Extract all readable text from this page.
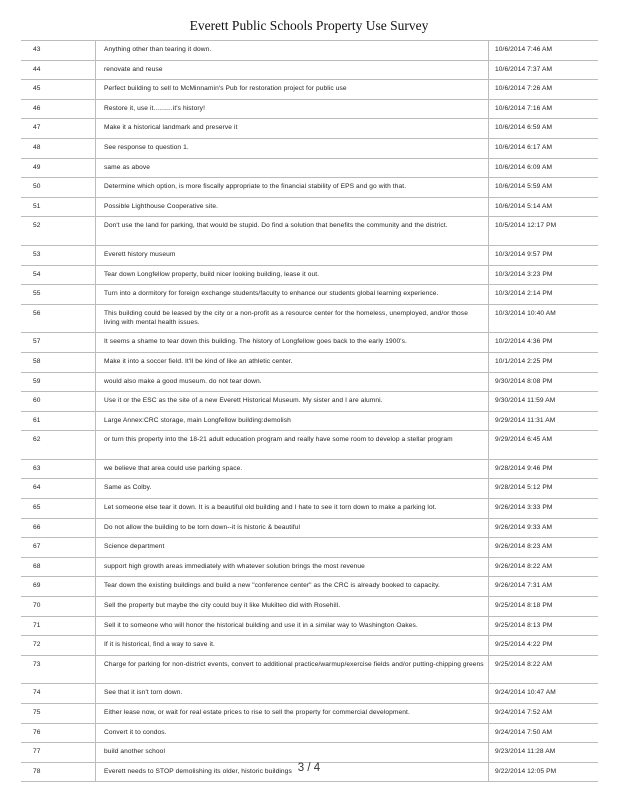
Everett Public Schools Property Use Survey
43	Anything other than tearing it down.	10/6/2014 7:46 AM
44	renovate and reuse	10/6/2014 7:37 AM
45	Perfect building to sell to McMinnamin's Pub for restoration project for public use	10/6/2014 7:26 AM
46	Restore it, use it..........it's history!	10/6/2014 7:16 AM
47	Make it a historical landmark and preserve it	10/6/2014 6:59 AM
48	See response to question 1.	10/6/2014 6:17 AM
49	same as above	10/6/2014 6:09 AM
50	Determine which option, is more fiscally appropriate to the financial stability of EPS and go with that.	10/6/2014 5:59 AM
51	Possible Lighthouse Cooperative site.	10/6/2014 5:14 AM
52	Don't use the land for parking, that would be stupid. Do find a solution that benefits the community and the district.	10/5/2014 12:17 PM
53	Everett history museum	10/3/2014 9:57 PM
54	Tear down Longfellow property, build nicer looking building, lease it out.	10/3/2014 3:23 PM
55	Turn into a dormitory for foreign exchange students/faculty to enhance our students global learning experience.	10/3/2014 2:14 PM
56	This building could be leased by the city or a non-profit as a resource center for the homeless, unemployed, and/or those living with mental health issues.	10/3/2014 10:40 AM
57	It seems a shame to tear down this building. The history of Longfellow goes back to the early 1900's.	10/2/2014 4:36 PM
58	Make it into a soccer field. It'll be kind of like an athletic center.	10/1/2014 2:25 PM
59	would also make a good museum. do not tear down.	9/30/2014 8:08 PM
60	Use it or the ESC as the site of a new Everett Historical Museum. My sister and I are alumni.	9/30/2014 11:59 AM
61	Large Annex:CRC storage, main Longfellow building:demolish	9/29/2014 11:31 AM
62	or turn this property into the 18-21 adult education program and really have some room to develop a stellar program	9/29/2014 6:45 AM
63	we believe that area could use parking space.	9/28/2014 9:46 PM
64	Same as Colby.	9/28/2014 5:12 PM
65	Let someone else tear it down. It is a beautiful old building and I hate to see it torn down to make a parking lot.	9/26/2014 3:33 PM
66	Do not allow the building to be torn down--it is historic & beautiful	9/26/2014 9:33 AM
67	Science department	9/26/2014 8:23 AM
68	support high growth areas immediately with whatever solution brings the most revenue	9/26/2014 8:22 AM
69	Tear down the existing buildings and build a new "conference center" as the CRC is already booked to capacity.	9/26/2014 7:31 AM
70	Sell the property but maybe the city could buy it like Mukilteo did with Rosehill.	9/25/2014 8:18 PM
71	Sell it to someone who will honor the historical building and use it in a similar way to Washington Oakes.	9/25/2014 8:13 PM
72	If it is historical, find a way to save it.	9/25/2014 4:22 PM
73	Charge for parking for non-district events, convert to additional practice/warmup/exercise fields and/or putting-chipping greens	9/25/2014 8:22 AM
74	See that it isn't torn down.	9/24/2014 10:47 AM
75	Either lease now, or wait for real estate prices to rise to sell the property for commercial development.	9/24/2014 7:52 AM
76	Convert it to condos.	9/24/2014 7:50 AM
77	build another school	9/23/2014 11:28 AM
78	Everett needs to STOP demolishing its older, historic buildings	9/22/2014 12:05 PM
3 / 4
